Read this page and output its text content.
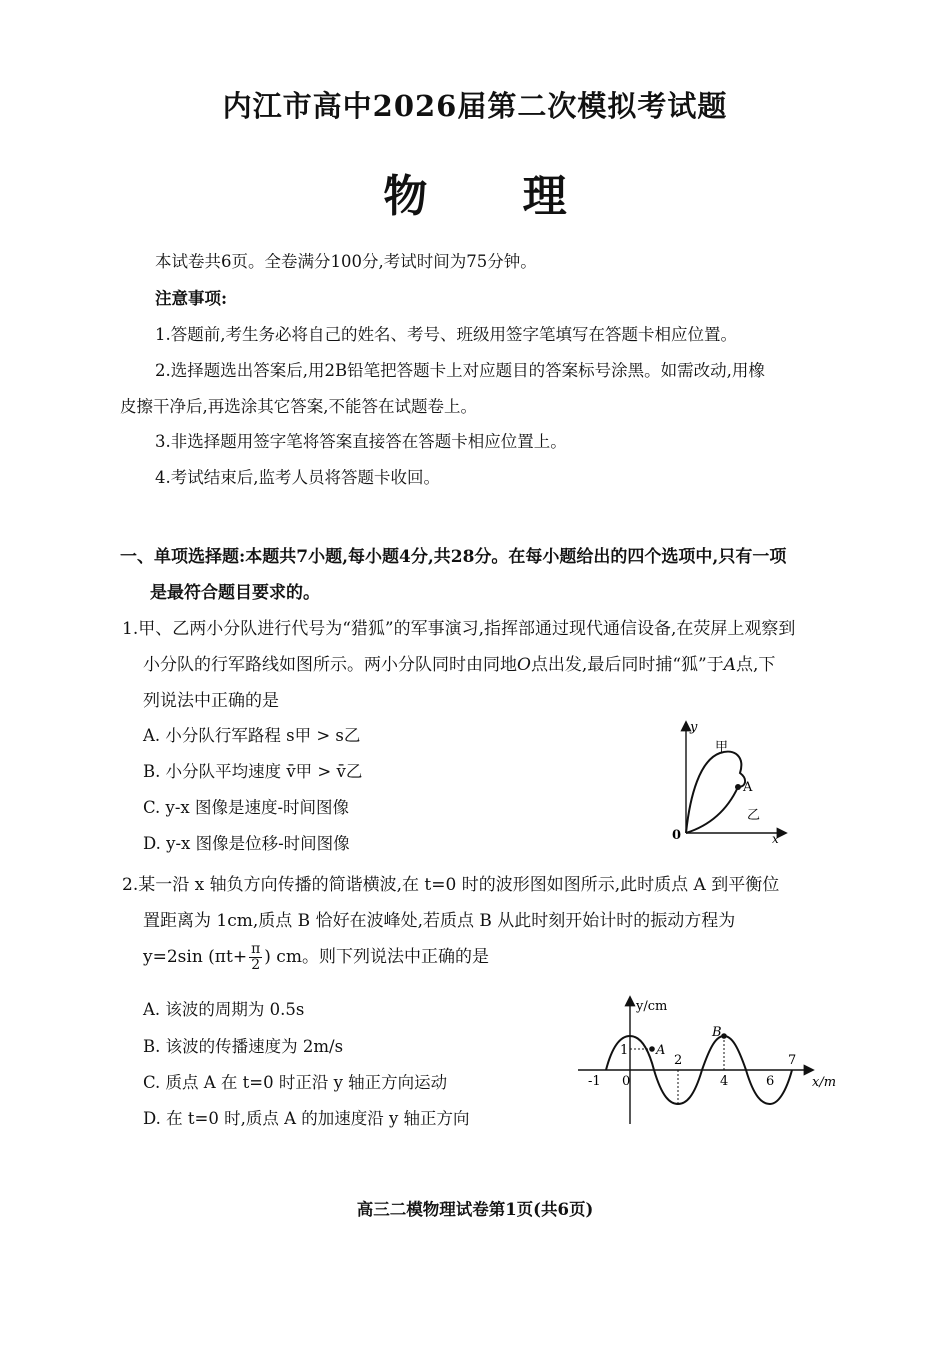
内江市高中2026届第二次模拟考试题
物 理
本试卷共6页。全卷满分100分,考试时间为75分钟。
注意事项:
1.答题前,考生务必将自己的姓名、考号、班级用签字笔填写在答题卡相应位置。
2.选择题选出答案后,用2B铅笔把答题卡上对应题目的答案标号涂黑。如需改动,用橡
皮擦干净后,再选涂其它答案,不能答在试题卷上。
3.非选择题用签字笔将答案直接答在答题卡相应位置上。
4.考试结束后,监考人员将答题卡收回。
一、单项选择题:本题共7小题,每小题4分,共28分。在每小题给出的四个选项中,只有一项
是最符合题目要求的。
1.甲、乙两小分队进行代号为“猎狐”的军事演习,指挥部通过现代通信设备,在荧屏上观察到
小分队的行军路线如图所示。两小分队同时由同地O点出发,最后同时捕“狐”于A点,下
列说法中正确的是
A. 小分队行军路程 s甲 > s乙
B. 小分队平均速度 v̄甲 > v̄乙
C. y-x 图像是速度-时间图像
D. y-x 图像是位移-时间图像
y
x
0
甲
A
乙
2.某一沿 x 轴负方向传播的简谐横波,在 t=0 时的波形图如图所示,此时质点 A 到平衡位
置距离为 1cm,质点 B 恰好在波峰处,若质点 B 从此时刻开始计时的振动方程为
y=2sin ($\pi t+ \frac{\pi}{2}$ ) cm。则下列说法中正确的是
A. 该波的周期为 0.5s
B. 该波的传播速度为 2m/s
C. 质点 A 在 t=0 时正沿 y 轴正方向运动
D. 在 t=0 时,质点 A 的加速度沿 y 轴正方向
y/cm
x/m
A
B
1
-1 0
2
4	6
7
高三二模物理试卷第1页(共6页)
